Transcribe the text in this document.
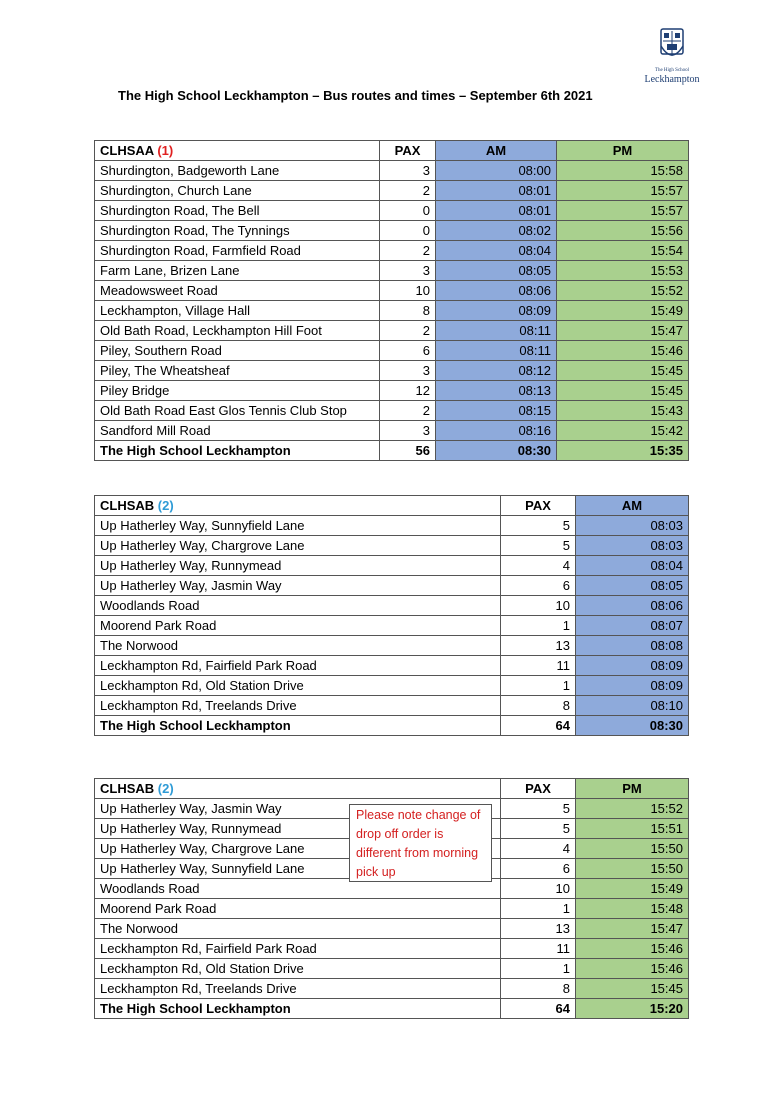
The High School
Leckhampton
The High School Leckhampton – Bus routes and times – September 6th 2021
CLHSAA (1)	PAX	AM	PM
Shurdington, Badgeworth Lane	3	08:00	15:58
Shurdington, Church Lane	2	08:01	15:57
Shurdington Road, The Bell	0	08:01	15:57
Shurdington Road, The Tynnings	0	08:02	15:56
Shurdington Road, Farmfield Road	2	08:04	15:54
Farm Lane, Brizen Lane	3	08:05	15:53
Meadowsweet Road	10	08:06	15:52
Leckhampton, Village Hall	8	08:09	15:49
Old Bath Road, Leckhampton Hill Foot	2	08:11	15:47
Piley, Southern Road	6	08:11	15:46
Piley, The Wheatsheaf	3	08:12	15:45
Piley Bridge	12	08:13	15:45
Old Bath Road East Glos Tennis Club Stop	2	08:15	15:43
Sandford Mill Road	3	08:16	15:42
The High School Leckhampton	56	08:30	15:35
CLHSAB (2)	PAX	AM
Up Hatherley Way, Sunnyfield Lane	5	08:03
Up Hatherley Way, Chargrove Lane	5	08:03
Up Hatherley Way, Runnymead	4	08:04
Up Hatherley Way, Jasmin Way	6	08:05
Woodlands Road	10	08:06
Moorend Park Road	1	08:07
The Norwood	13	08:08
Leckhampton Rd, Fairfield Park Road	11	08:09
Leckhampton Rd, Old Station Drive	1	08:09
Leckhampton Rd, Treelands Drive	8	08:10
The High School Leckhampton	64	08:30
CLHSAB (2)	PAX	PM
Up Hatherley Way, Jasmin Way	5	15:52
Up Hatherley Way, Runnymead	5	15:51
Up Hatherley Way, Chargrove Lane	4	15:50
Up Hatherley Way, Sunnyfield Lane	6	15:50
Woodlands Road	10	15:49
Moorend Park Road	1	15:48
The Norwood	13	15:47
Leckhampton Rd, Fairfield Park Road	11	15:46
Leckhampton Rd, Old Station Drive	1	15:46
Leckhampton Rd, Treelands Drive	8	15:45
The High School Leckhampton	64	15:20
Please note change of drop off order is different from morning pick up
